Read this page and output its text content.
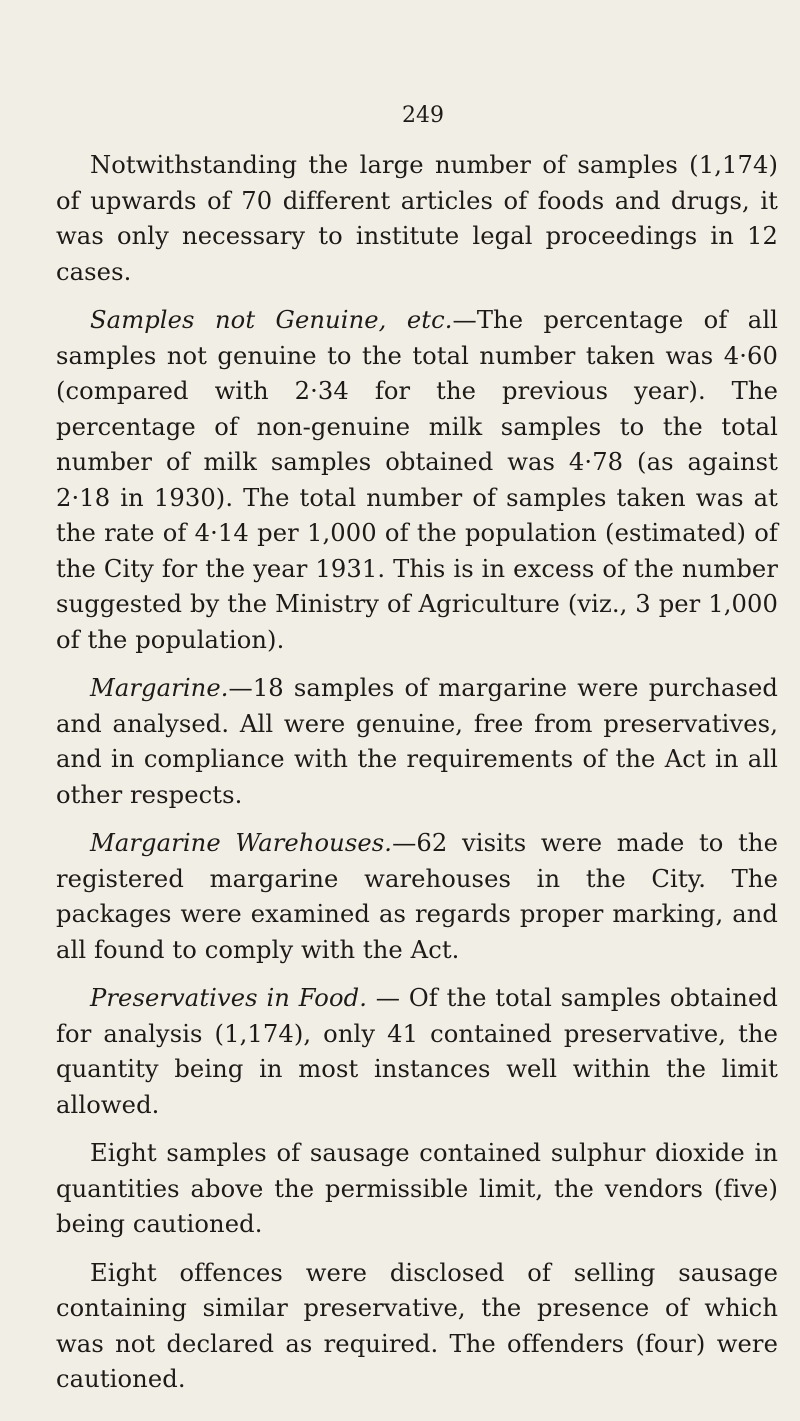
249

Notwithstanding the large number of samples (1,174) of upwards of 70 different articles of foods and drugs, it was only necessary to institute legal proceedings in 12 cases.

Samples not Genuine, etc.—The percentage of all samples not genuine to the total number taken was 4·60 (compared with 2·34 for the previous year). The percentage of non-genuine milk samples to the total number of milk samples obtained was 4·78 (as against 2·18 in 1930). The total number of samples taken was at the rate of 4·14 per 1,000 of the population (estimated) of the City for the year 1931. This is in excess of the number suggested by the Ministry of Agriculture (viz., 3 per 1,000 of the population).

Margarine.—18 samples of margarine were purchased and analysed. All were genuine, free from preservatives, and in compliance with the requirements of the Act in all other respects.

Margarine Warehouses.—62 visits were made to the registered margarine warehouses in the City. The packages were examined as regards proper marking, and all found to comply with the Act.

Preservatives in Food. — Of the total samples obtained for analysis (1,174), only 41 contained preservative, the quantity being in most instances well within the limit allowed.

Eight samples of sausage contained sulphur dioxide in quantities above the permissible limit, the vendors (five) being cautioned.

Eight offences were disclosed of selling sausage containing similar preservative, the presence of which was not declared as required. The offenders (four) were cautioned.
